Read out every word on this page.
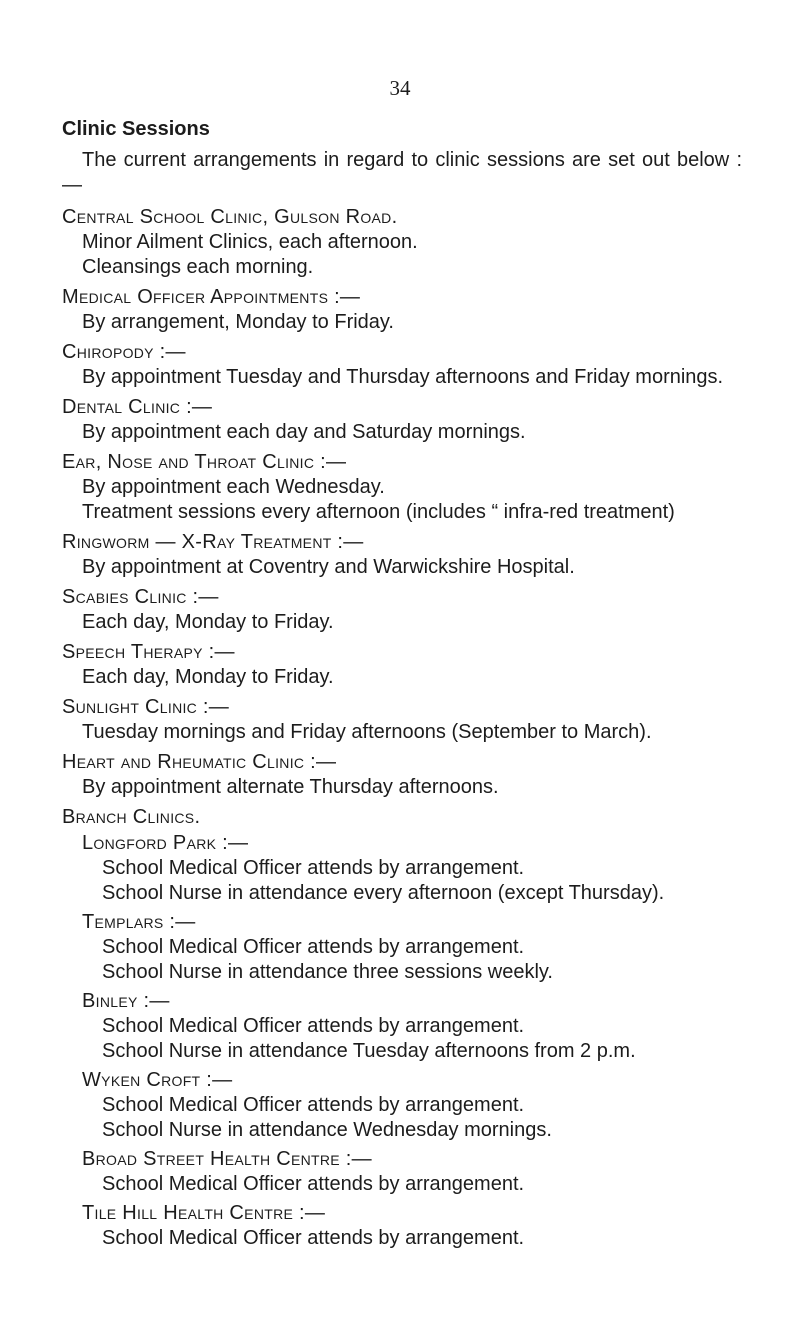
34
Clinic Sessions
The current arrangements in regard to clinic sessions are set out below :—
Central School Clinic, Gulson Road.
Minor Ailment Clinics, each afternoon.
Cleansings each morning.
Medical Officer Appointments :—
By arrangement, Monday to Friday.
Chiropody :—
By appointment Tuesday and Thursday afternoons and Friday mornings.
Dental Clinic :—
By appointment each day and Saturday mornings.
Ear, Nose and Throat Clinic :—
By appointment each Wednesday.
Treatment sessions every afternoon (includes “ infra-red treatment)
Ringworm — X-Ray Treatment :—
By appointment at Coventry and Warwickshire Hospital.
Scabies Clinic :—
Each day, Monday to Friday.
Speech Therapy :—
Each day, Monday to Friday.
Sunlight Clinic :—
Tuesday mornings and Friday afternoons (September to March).
Heart and Rheumatic Clinic :—
By appointment alternate Thursday afternoons.
Branch Clinics.
Longford Park :—
School Medical Officer attends by arrangement.
School Nurse in attendance every afternoon (except Thursday).
Templars :—
School Medical Officer attends by arrangement.
School Nurse in attendance three sessions weekly.
Binley :—
School Medical Officer attends by arrangement.
School Nurse in attendance Tuesday afternoons from 2 p.m.
Wyken Croft :—
School Medical Officer attends by arrangement.
School Nurse in attendance Wednesday mornings.
Broad Street Health Centre :—
School Medical Officer attends by arrangement.
Tile Hill Health Centre :—
School Medical Officer attends by arrangement.
